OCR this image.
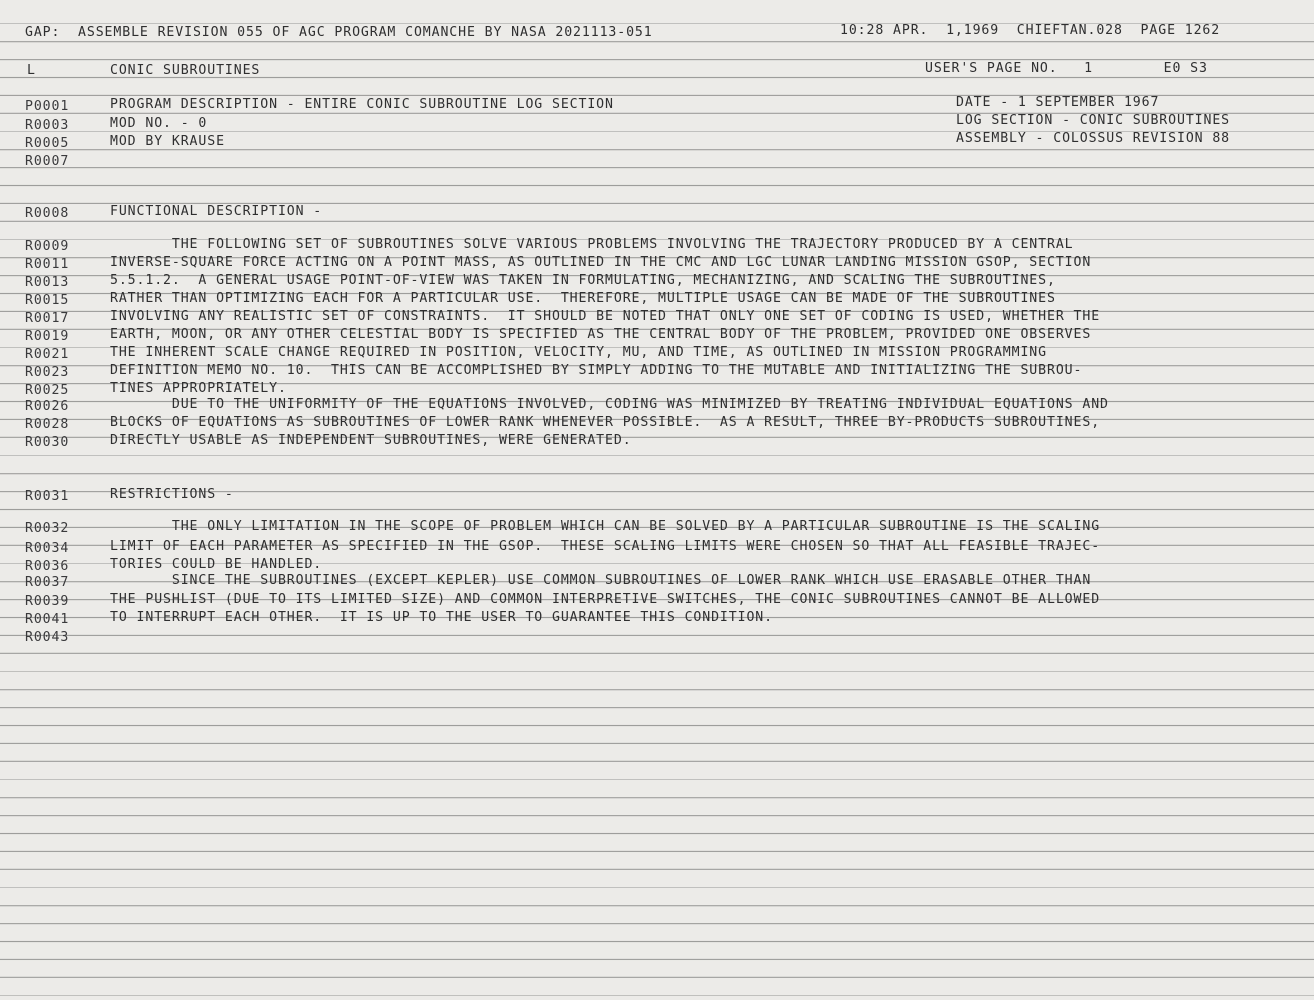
GAP:  ASSEMBLE REVISION 055 OF AGC PROGRAM COMANCHE BY NASA 2021113-051	10:28 APR.  1,1969  CHIEFTAN.028  PAGE 1262
L	CONIC SUBROUTINES	USER'S PAGE NO.   1        E0 S3
DATE - 1 SEPTEMBER 1967
LOG SECTION - CONIC SUBROUTINES
ASSEMBLY - COLOSSUS REVISION 88
P0001	PROGRAM DESCRIPTION - ENTIRE CONIC SUBROUTINE LOG SECTION
R0003	MOD NO. - 0
R0005	MOD BY KRAUSE
R0007
R0008	FUNCTIONAL DESCRIPTION -
R0009	THE FOLLOWING SET OF SUBROUTINES SOLVE VARIOUS PROBLEMS INVOLVING THE TRAJECTORY PRODUCED BY A CENTRAL
R0011	INVERSE-SQUARE FORCE ACTING ON A POINT MASS, AS OUTLINED IN THE CMC AND LGC LUNAR LANDING MISSION GSOP, SECTION
R0013	5.5.1.2.  A GENERAL USAGE POINT-OF-VIEW WAS TAKEN IN FORMULATING, MECHANIZING, AND SCALING THE SUBROUTINES,
R0015	RATHER THAN OPTIMIZING EACH FOR A PARTICULAR USE.  THEREFORE, MULTIPLE USAGE CAN BE MADE OF THE SUBROUTINES
R0017	INVOLVING ANY REALISTIC SET OF CONSTRAINTS.  IT SHOULD BE NOTED THAT ONLY ONE SET OF CODING IS USED, WHETHER THE
R0019	EARTH, MOON, OR ANY OTHER CELESTIAL BODY IS SPECIFIED AS THE CENTRAL BODY OF THE PROBLEM, PROVIDED ONE OBSERVES
R0021	THE INHERENT SCALE CHANGE REQUIRED IN POSITION, VELOCITY, MU, AND TIME, AS OUTLINED IN MISSION PROGRAMMING
R0023	DEFINITION MEMO NO. 10.  THIS CAN BE ACCOMPLISHED BY SIMPLY ADDING TO THE MUTABLE AND INITIALIZING THE SUBROU-
R0025	TINES APPROPRIATELY.
R0026	DUE TO THE UNIFORMITY OF THE EQUATIONS INVOLVED, CODING WAS MINIMIZED BY TREATING INDIVIDUAL EQUATIONS AND
R0028	BLOCKS OF EQUATIONS AS SUBROUTINES OF LOWER RANK WHENEVER POSSIBLE.  AS A RESULT, THREE BY-PRODUCTS SUBROUTINES,
R0030	DIRECTLY USABLE AS INDEPENDENT SUBROUTINES, WERE GENERATED.
R0031	RESTRICTIONS -
R0032	THE ONLY LIMITATION IN THE SCOPE OF PROBLEM WHICH CAN BE SOLVED BY A PARTICULAR SUBROUTINE IS THE SCALING
R0034	LIMIT OF EACH PARAMETER AS SPECIFIED IN THE GSOP.  THESE SCALING LIMITS WERE CHOSEN SO THAT ALL FEASIBLE TRAJEC-
R0036	TORIES COULD BE HANDLED.
R0037	SINCE THE SUBROUTINES (EXCEPT KEPLER) USE COMMON SUBROUTINES OF LOWER RANK WHICH USE ERASABLE OTHER THAN
R0039	THE PUSHLIST (DUE TO ITS LIMITED SIZE) AND COMMON INTERPRETIVE SWITCHES, THE CONIC SUBROUTINES CANNOT BE ALLOWED
R0041	TO INTERRUPT EACH OTHER.  IT IS UP TO THE USER TO GUARANTEE THIS CONDITION.
R0043
